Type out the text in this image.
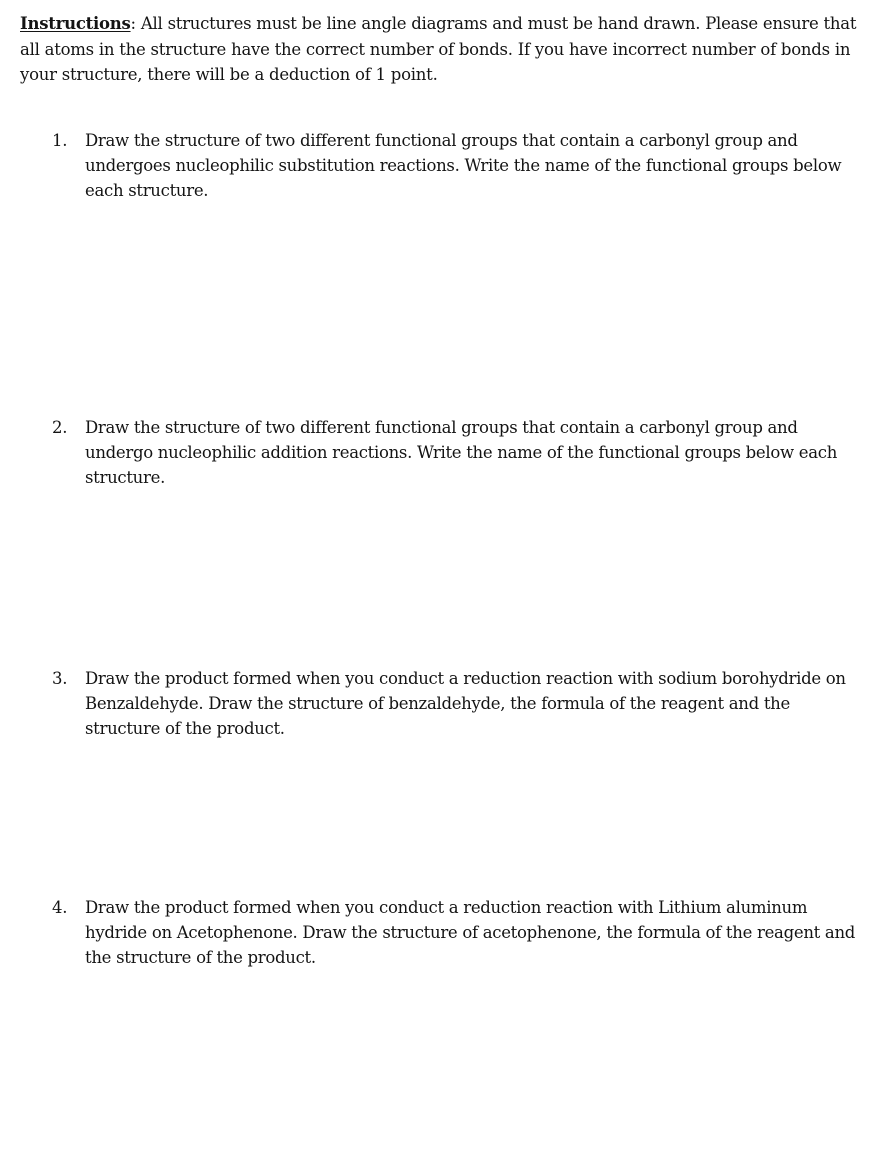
Instructions: All structures must be line angle diagrams and must be hand drawn. Please ensure that all atoms in the structure have the correct number of bonds. If you have incorrect number of bonds in your structure, there will be a deduction of 1 point.
1.	Draw the structure of two different functional groups that contain a carbonyl group and undergoes nucleophilic substitution reactions. Write the name of the functional groups below each structure.
2.	Draw the structure of two different functional groups that contain a carbonyl group and undergo nucleophilic addition reactions. Write the name of the functional groups below each structure.
3.	Draw the product formed when you conduct a reduction reaction with sodium borohydride on Benzaldehyde. Draw the structure of benzaldehyde, the formula of the reagent and the structure of the product.
4.	Draw the product formed when you conduct a reduction reaction with Lithium aluminum hydride on Acetophenone. Draw the structure of acetophenone, the formula of the reagent and the structure of the product.
